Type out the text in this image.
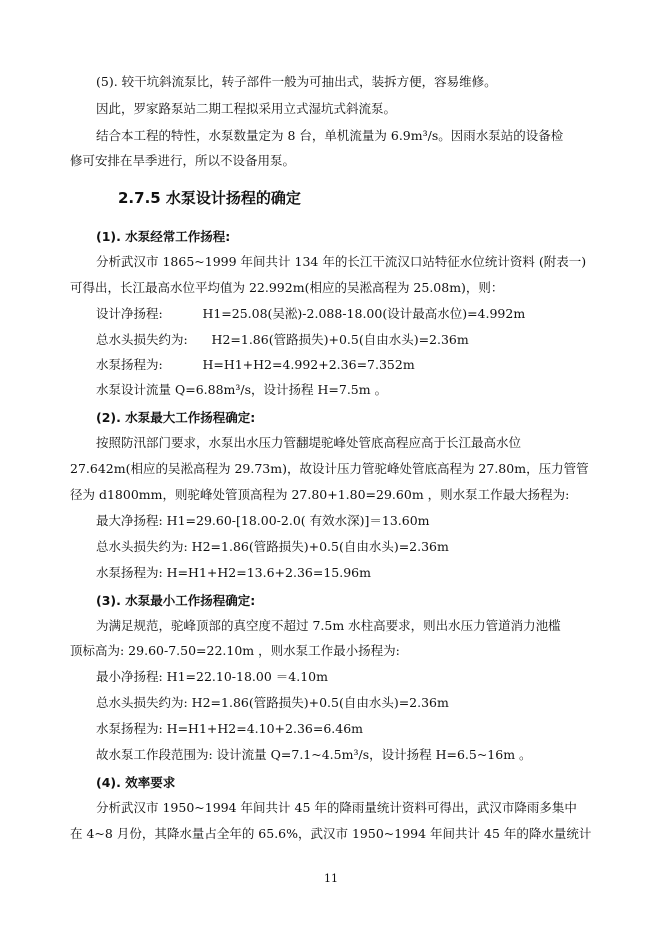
(5). 较干坑斜流泵比，转子部件一般为可抽出式，装拆方便，容易维修。
因此，罗家路泵站二期工程拟采用立式湿坑式斜流泵。
结合本工程的特性，水泵数量定为 8 台，单机流量为 6.9m³/s。因雨水泵站的设备检
修可安排在旱季进行，所以不设备用泵。
2.7.5 水泵设计扬程的确定
(1). 水泵经常工作扬程:
分析武汉市 1865~1999 年间共计 134 年的长江干流汉口站特征水位统计资料 (附表一)
可得出，长江最高水位平均值为 22.992m(相应的吴淞高程为 25.08m)，则：
设计净扬程:          H1=25.08(吴淞)-2.088-18.00(设计最高水位)=4.992m
总水头损失约为:      H2=1.86(管路损失)+0.5(自由水头)=2.36m
水泵扬程为:          H=H1+H2=4.992+2.36=7.352m
水泵设计流量 Q=6.88m³/s，设计扬程 H=7.5m 。
(2). 水泵最大工作扬程确定:
按照防汛部门要求，水泵出水压力管翻堤驼峰处管底高程应高于长江最高水位
27.642m(相应的吴淞高程为 29.73m)，故设计压力管驼峰处管底高程为 27.80m，压力管管
径为 d1800mm，则驼峰处管顶高程为 27.80+1.80=29.60m ，则水泵工作最大扬程为:
最大净扬程: H1=29.60-[18.00-2.0( 有效水深)]＝13.60m
总水头损失约为: H2=1.86(管路损失)+0.5(自由水头)=2.36m
水泵扬程为: H=H1+H2=13.6+2.36=15.96m
(3). 水泵最小工作扬程确定:
为满足规范，驼峰顶部的真空度不超过 7.5m 水柱高要求，则出水压力管道消力池槛
顶标高为: 29.60-7.50=22.10m ，则水泵工作最小扬程为:
最小净扬程: H1=22.10-18.00 ＝4.10m
总水头损失约为: H2=1.86(管路损失)+0.5(自由水头)=2.36m
水泵扬程为: H=H1+H2=4.10+2.36=6.46m
故水泵工作段范围为: 设计流量 Q=7.1~4.5m³/s，设计扬程 H=6.5~16m 。
(4). 效率要求
分析武汉市 1950~1994 年间共计 45 年的降雨量统计资料可得出，武汉市降雨多集中
在 4~8 月份，其降水量占全年的 65.6%，武汉市 1950~1994 年间共计 45 年的降水量统计
11
